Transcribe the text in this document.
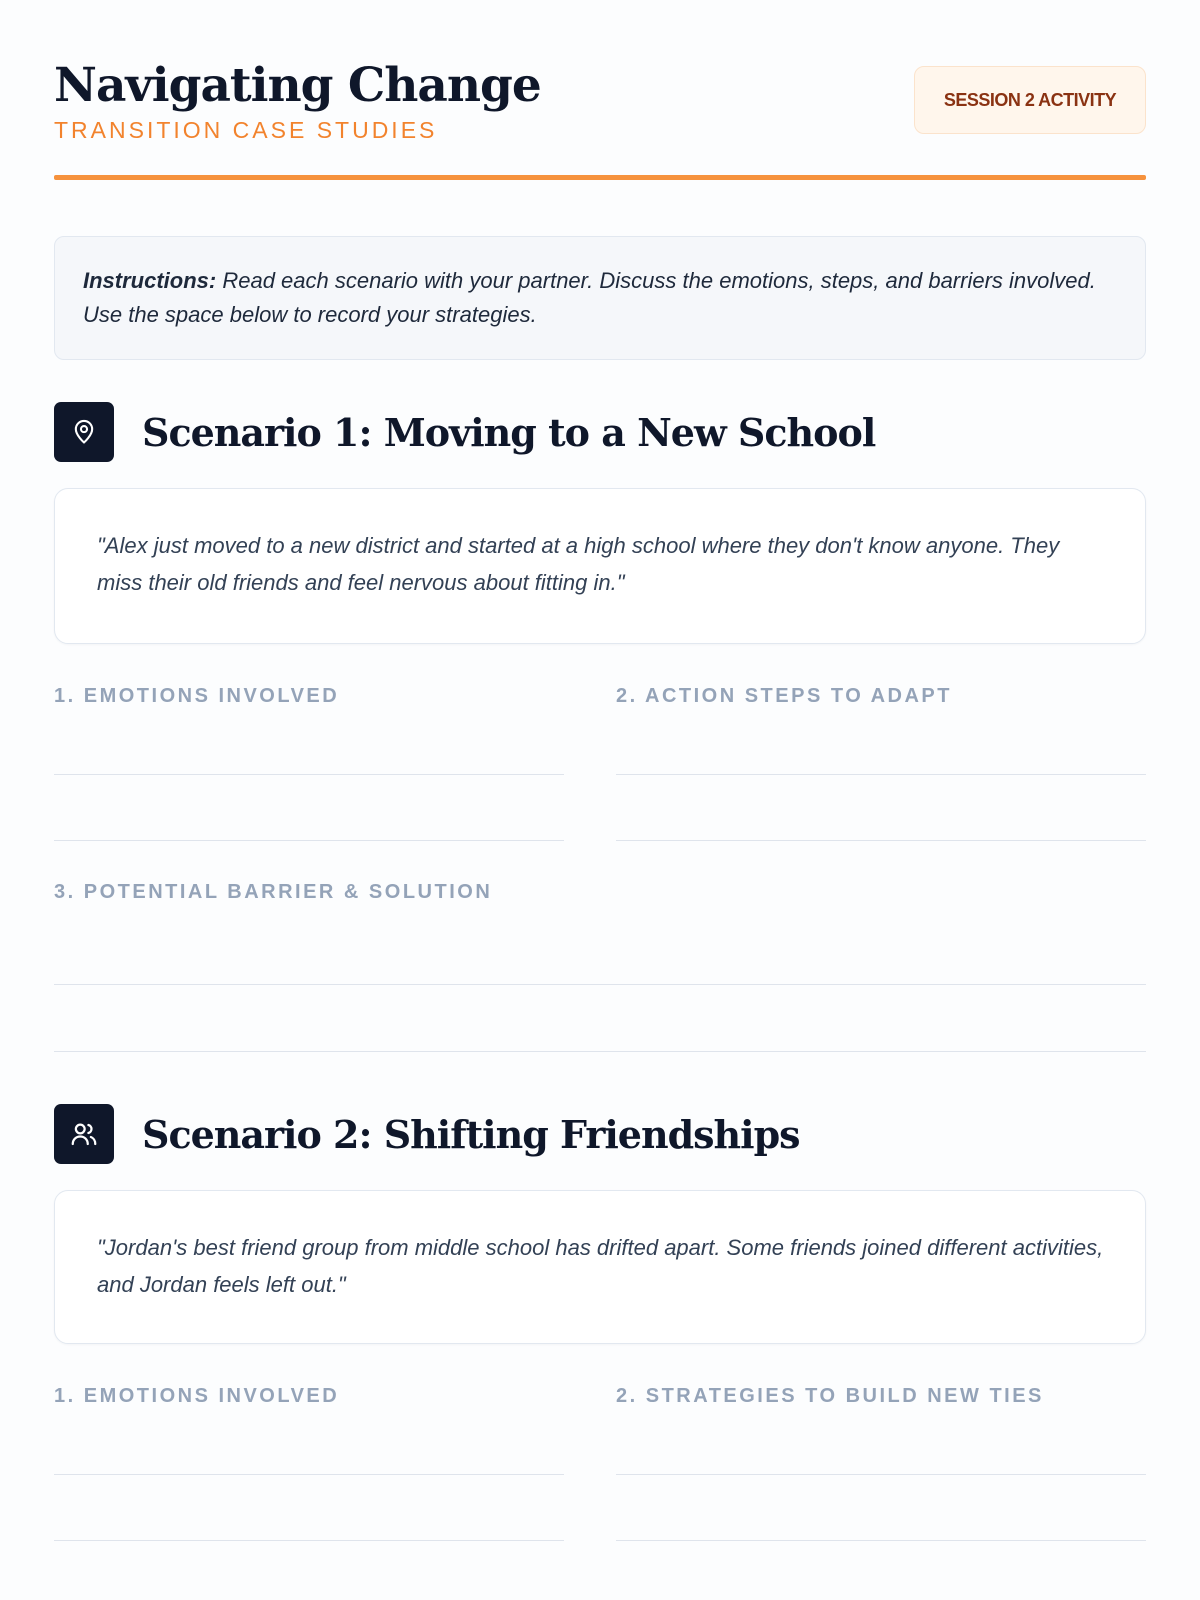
Navigating Change
TRANSITION CASE STUDIES
SESSION 2 ACTIVITY
Instructions: Read each scenario with your partner. Discuss the emotions, steps, and barriers involved. Use the space below to record your strategies.
Scenario 1: Moving to a New School
"Alex just moved to a new district and started at a high school where they don't know anyone. They miss their old friends and feel nervous about fitting in."
1. EMOTIONS INVOLVED	2. ACTION STEPS TO ADAPT
3. POTENTIAL BARRIER & SOLUTION
Scenario 2: Shifting Friendships
"Jordan's best friend group from middle school has drifted apart. Some friends joined different activities, and Jordan feels left out."
1. EMOTIONS INVOLVED	2. STRATEGIES TO BUILD NEW TIES
